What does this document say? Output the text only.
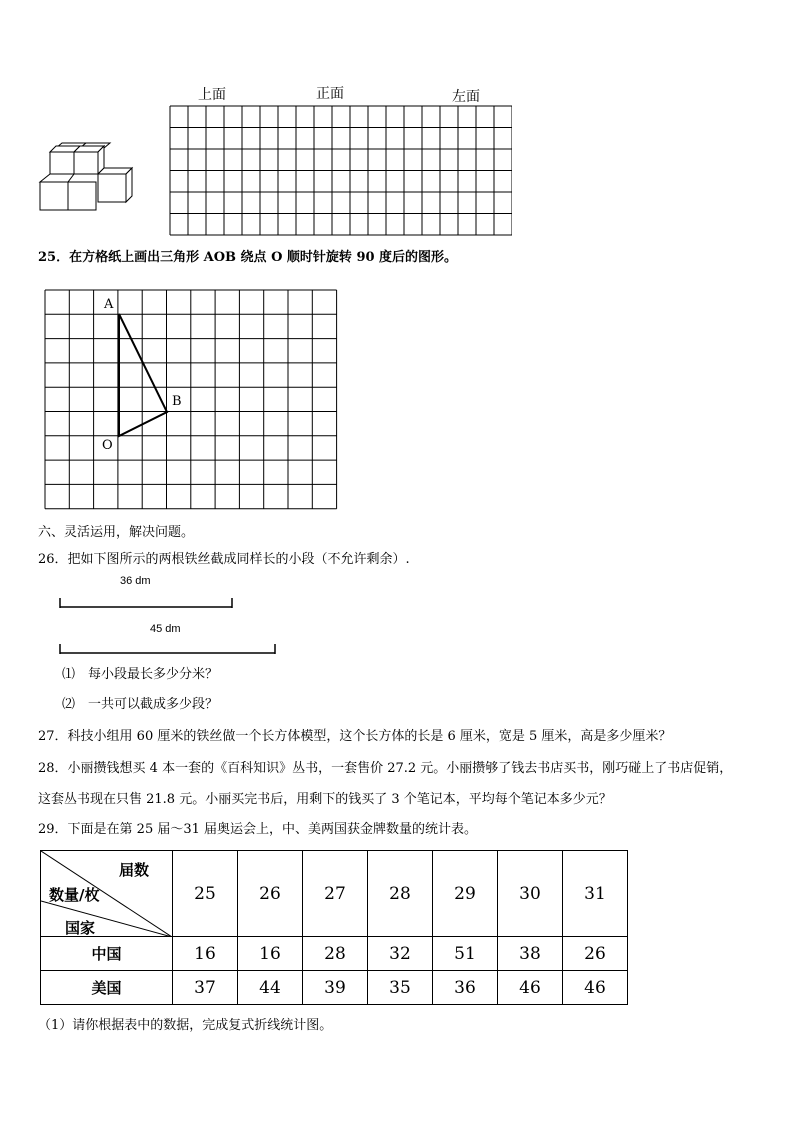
上面	正面	左面
25．在方格纸上画出三角形 AOB 绕点 O 顺时针旋转 90 度后的图形。
A
B
O
六、灵活运用，解决问题。
26．把如下图所示的两根铁丝截成同样长的小段（不允许剩余）.
36 dm
45 dm
⑴　每小段最长多少分米？
⑵　一共可以截成多少段？
27．科技小组用 60 厘米的铁丝做一个长方体模型，这个长方体的长是 6 厘米，宽是 5 厘米，高是多少厘米？
28．小丽攒钱想买 4 本一套的《百科知识》丛书，一套售价 27.2 元。小丽攒够了钱去书店买书，刚巧碰上了书店促销，
这套丛书现在只售 21.8 元。小丽买完书后，用剩下的钱买了 3 个笔记本，平均每个笔记本多少元？
29．下面是在第 25 届～31 届奥运会上，中、美两国获金牌数量的统计表。
届数
数量/枚
国家	25	26	27	28	29	30	31
中国	16	16	28	32	51	38	26
美国	37	44	39	35	36	46	46
（1）请你根据表中的数据，完成复式折线统计图。
